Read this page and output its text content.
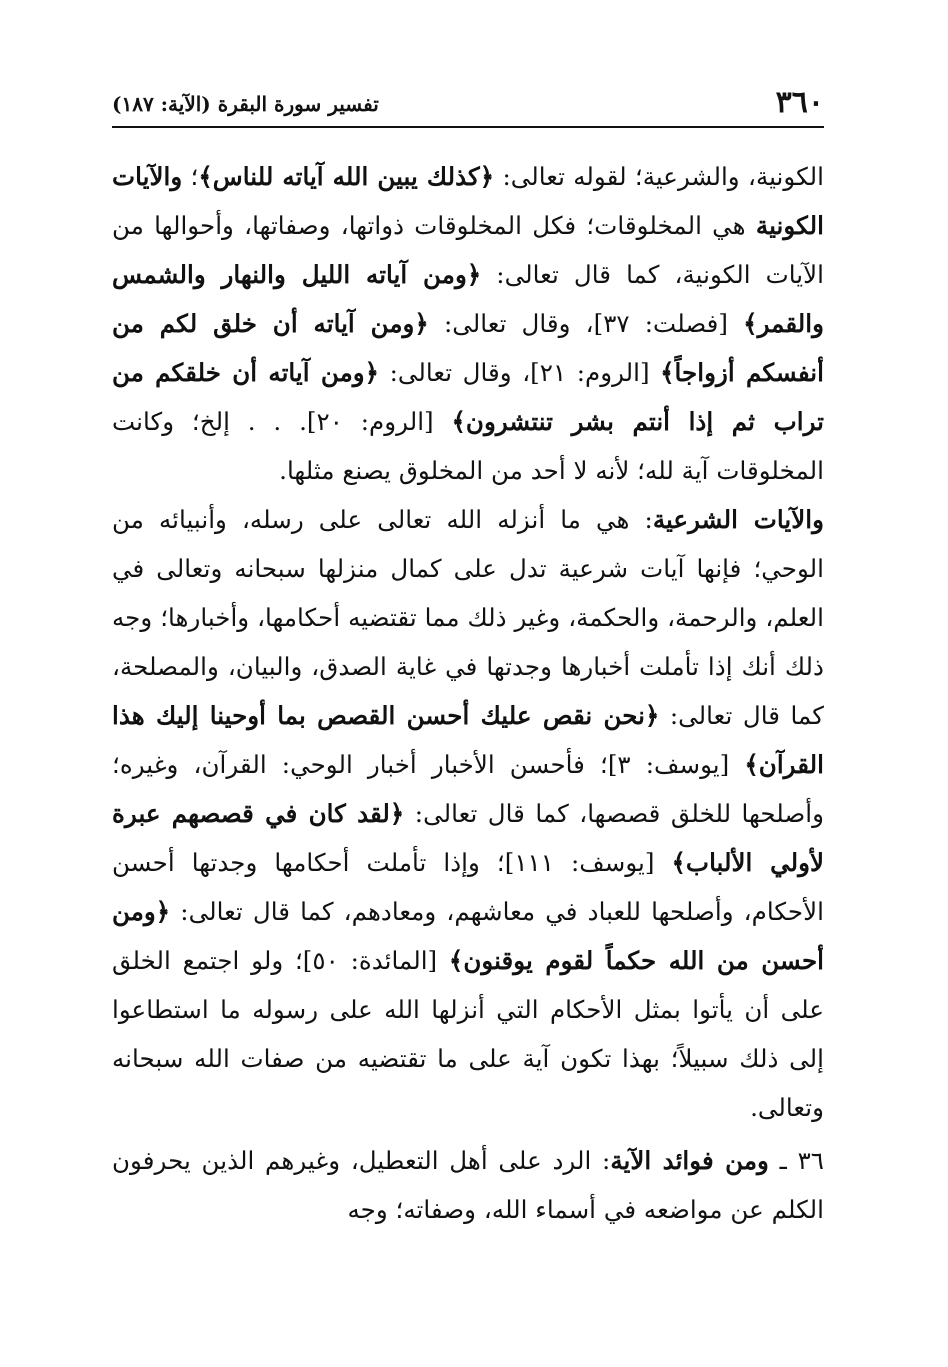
٣٦٠
تفسير سورة البقرة (الآية: ١٨٧)

الكونية، والشرعية؛ لقوله تعالى: ﴿كذلك يبين الله آياته للناس﴾؛ والآيات الكونية هي المخلوقات؛ فكل المخلوقات ذواتها، وصفاتها، وأحوالها من الآيات الكونية، كما قال تعالى: ﴿ومن آياته الليل والنهار والشمس والقمر﴾ [فصلت: ٣٧]، وقال تعالى: ﴿ومن آياته أن خلق لكم من أنفسكم أزواجاً﴾ [الروم: ٢١]، وقال تعالى: ﴿ومن آياته أن خلقكم من تراب ثم إذا أنتم بشر تنتشرون﴾ [الروم: ٢٠]. . . إلخ؛ وكانت المخلوقات آية لله؛ لأنه لا أحد من المخلوق يصنع مثلها.

والآيات الشرعية: هي ما أنزله الله تعالى على رسله، وأنبيائه من الوحي؛ فإنها آيات شرعية تدل على كمال منزلها سبحانه وتعالى في العلم، والرحمة، والحكمة، وغير ذلك مما تقتضيه أحكامها، وأخبارها؛ وجه ذلك أنك إذا تأملت أخبارها وجدتها في غاية الصدق، والبيان، والمصلحة، كما قال تعالى: ﴿نحن نقص عليك أحسن القصص بما أوحينا إليك هذا القرآن﴾ [يوسف: ٣]؛ فأحسن الأخبار أخبار الوحي: القرآن، وغيره؛ وأصلحها للخلق قصصها، كما قال تعالى: ﴿لقد كان في قصصهم عبرة لأولي الألباب﴾ [يوسف: ١١١]؛ وإذا تأملت أحكامها وجدتها أحسن الأحكام، وأصلحها للعباد في معاشهم، ومعادهم، كما قال تعالى: ﴿ومن أحسن من الله حكماً لقوم يوقنون﴾ [المائدة: ٥٠]؛ ولو اجتمع الخلق على أن يأتوا بمثل الأحكام التي أنزلها الله على رسوله ما استطاعوا إلى ذلك سبيلاً؛ بهذا تكون آية على ما تقتضيه من صفات الله سبحانه وتعالى.

٣٦ ـ ومن فوائد الآية: الرد على أهل التعطيل، وغيرهم الذين يحرفون الكلم عن مواضعه في أسماء الله، وصفاته؛ وجه
